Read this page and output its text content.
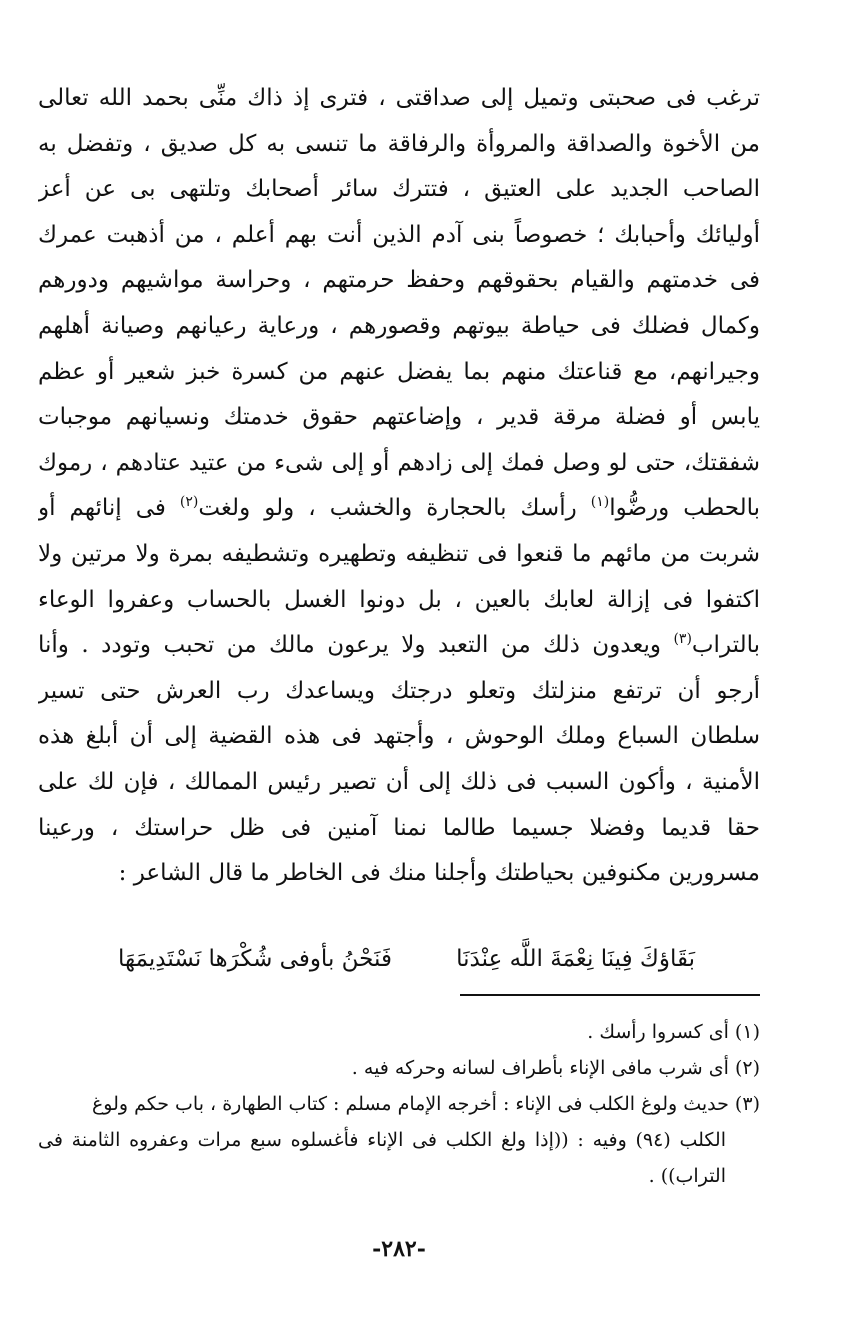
ترغب فى صحبتى وتميل إلى صداقتى ، فترى إذ ذاك منِّى بحمد الله تعالى
من الأخوة والصداقة والمروأة والرفاقة ما تنسى به كل صديق ، وتفضل به
الصاحب الجديد على العتيق ، فتترك سائر أصحابك وتلتهى بى عن أعز
أوليائك وأحبابك ؛ خصوصاً بنى آدم الذين أنت بهم أعلم ، من أذهبت عمرك
فى خدمتهم والقيام بحقوقهم وحفظ حرمتهم ، وحراسة مواشيهم ودورهم
وكمال فضلك فى حياطة بيوتهم وقصورهم ، ورعاية رعيانهم وصيانة أهلهم
وجيرانهم، مع قناعتك منهم بما يفضل عنهم من كسرة خبز شعير أو عظم
يابس أو فضلة مرقة قدير ، وإضاعتهم حقوق خدمتك ونسيانهم موجبات
شفقتك، حتى لو وصل فمك إلى زادهم أو إلى شىء من عتيد عتادهم ، رموك
بالحطب ورضُّوا$^{(١)}$ رأسك بالحجارة والخشب ، ولو ولغت$^{(٢)}$ فى إنائهم أو
شربت من مائهم ما قنعوا فى تنظيفه وتطهيره وتشطيفه بمرة ولا مرتين ولا
اكتفوا فى إزالة لعابك بالعين ، بل دونوا الغسل بالحساب وعفروا الوعاء
بالتراب$^{(٣)}$ ويعدون ذلك من التعبد ولا يرعون مالك من تحبب وتودد . وأنا
أرجو أن ترتفع منزلتك وتعلو درجتك ويساعدك رب العرش حتى تسير
سلطان السباع وملك الوحوش ، وأجتهد فى هذه القضية إلى أن أبلغ هذه
الأمنية ، وأكون السبب فى ذلك إلى أن تصير رئيس الممالك ، فإن لك على
حقا قديما وفضلا جسيما طالما نمنا آمنين فى ظل حراستك ، ورعينا
مسرورين مكنوفين بحياطتك وأجلنا منك فى الخاطر ما قال الشاعر :
بَقَاؤكَ فِينَا نِعْمَةَ اللَّه عِنْدَنَا
فَنَحْنُ بأوفى شُكْرَها نَسْتَدِيمَهَا
(١) أى كسروا رأسك .
(٢) أى شرب مافى الإناء بأطراف لسانه وحركه فيه .
(٣) حديث ولوغ الكلب فى الإناء : أخرجه الإمام مسلم : كتاب الطهارة ، باب حكم ولوغ
الكلب (٩٤) وفيه : ((إذا ولغ الكلب فى الإناء فأغسلوه سبع مرات وعفروه الثامنة فى
التراب)) .
-٢٨٢-
